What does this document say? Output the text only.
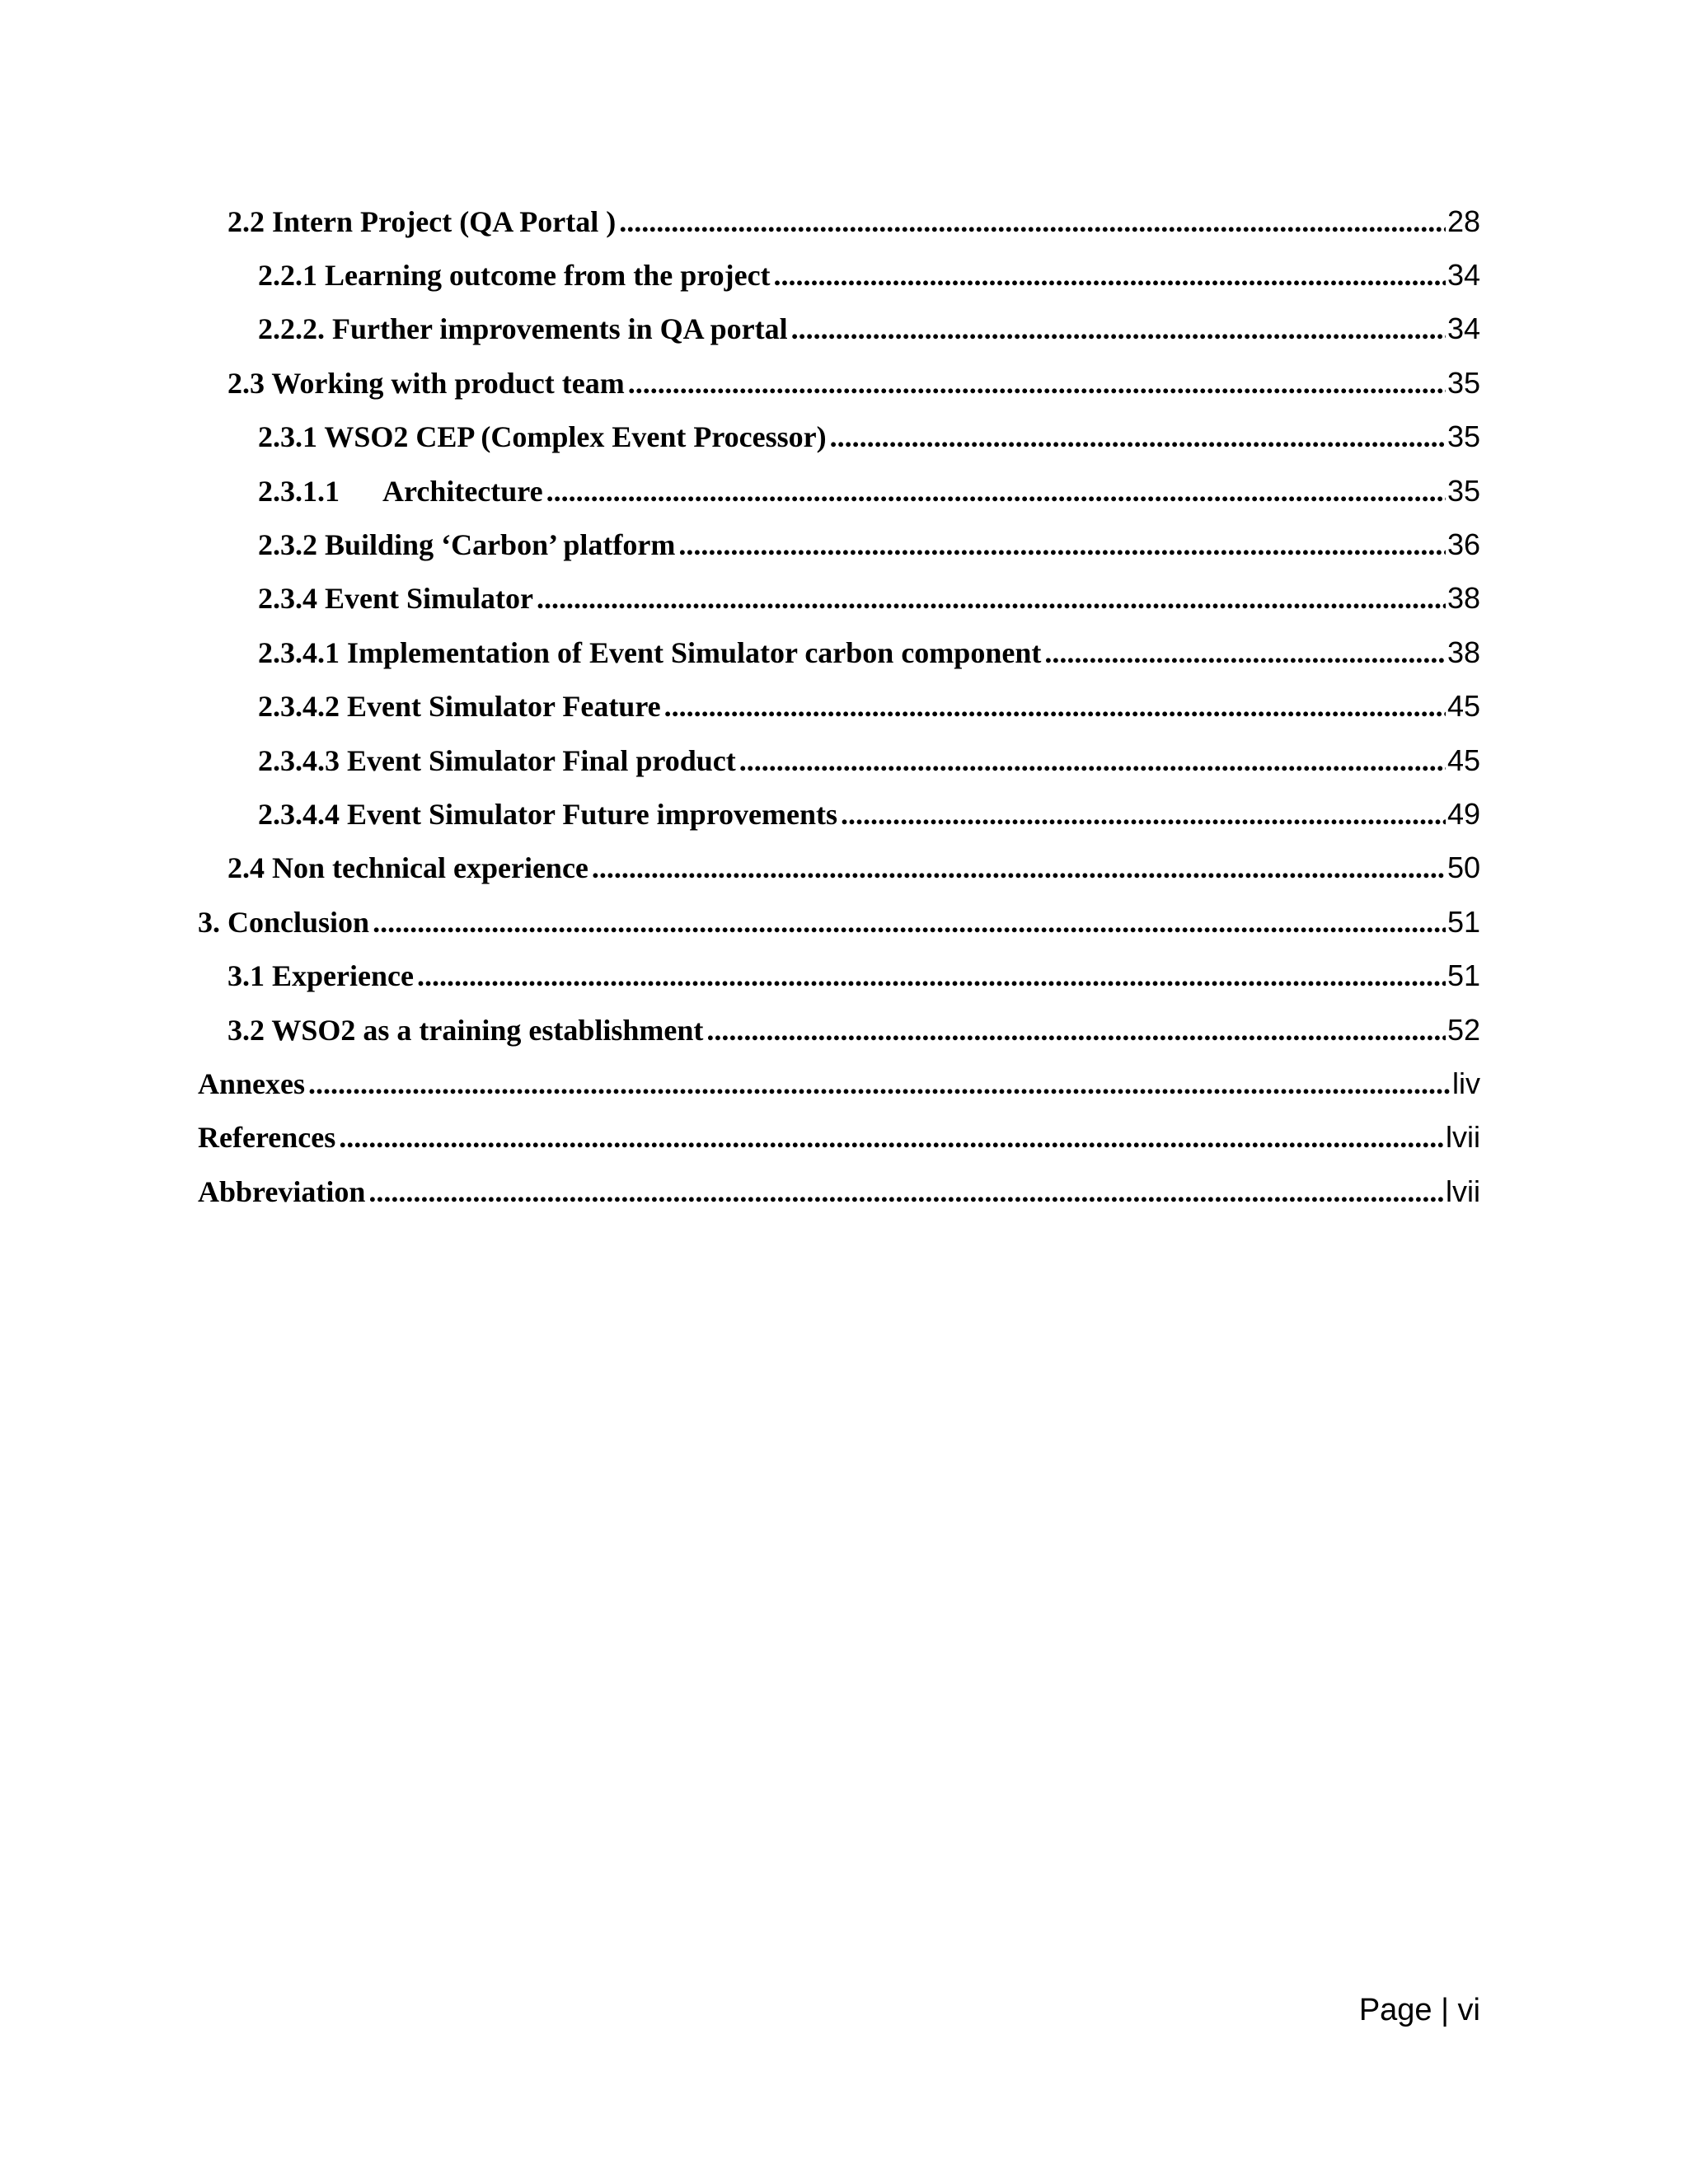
2.2 Intern Project (QA Portal ) .....	28
2.2.1 Learning outcome from the project .....	34
2.2.2. Further improvements in QA portal .....	34
2.3 Working with product team .....	35
2.3.1 WSO2 CEP (Complex Event Processor) .....	35
2.3.1.1      Architecture .....	35
2.3.2 Building ‘Carbon’ platform .....	36
2.3.4 Event Simulator .....	38
2.3.4.1 Implementation of Event Simulator carbon component .....	38
2.3.4.2 Event Simulator Feature .....	45
2.3.4.3 Event Simulator Final product .....	45
2.3.4.4 Event Simulator Future improvements .....	49
2.4 Non technical experience .....	50
3. Conclusion .....	51
3.1 Experience .....	51
3.2 WSO2 as a training establishment .....	52
Annexes .....	liv
References .....	lvii
Abbreviation .....	lvii
Page | vi
